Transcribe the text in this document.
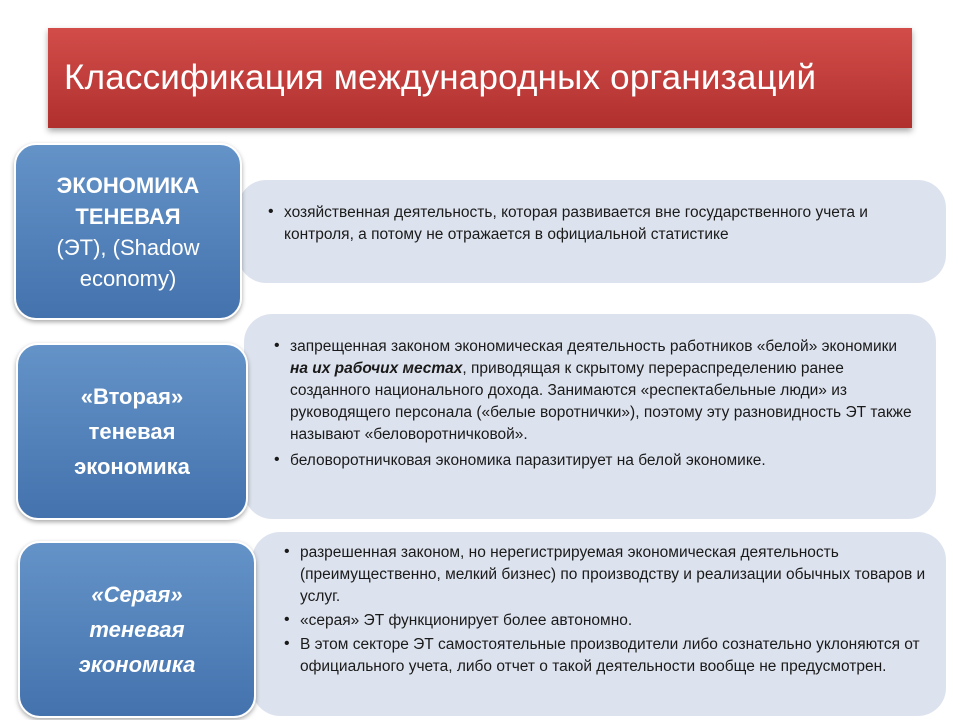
Классификация международных организаций
• хозяйственная деятельность, которая развивается вне государственного учета и контроля, а потому не отражается в официальной статистике
ЭКОНОМИКА
ТЕНЕВАЯ
(ЭТ), (Shadow
economy)
• запрещенная законом экономическая деятельность работников «белой» экономики на их рабочих местах, приводящая к скрытому перераспределению ранее созданного национального дохода. Занимаются «респектабельные люди» из руководящего персонала («белые воротнички»), поэтому эту разновидность ЭТ также называют «беловоротничковой».
• беловоротничковая экономика паразитирует на белой экономике.
«Вторая»
теневая
экономика
• разрешенная законом, но нерегистрируемая экономическая деятельность (преимущественно, мелкий бизнес) по производству и реализации обычных товаров и услуг.
• «серая» ЭТ функционирует более автономно.
• В этом секторе ЭТ самостоятельные производители либо сознательно уклоняются от официального учета, либо отчет о такой деятельности вообще не предусмотрен.
«Серая»
теневая
экономика
